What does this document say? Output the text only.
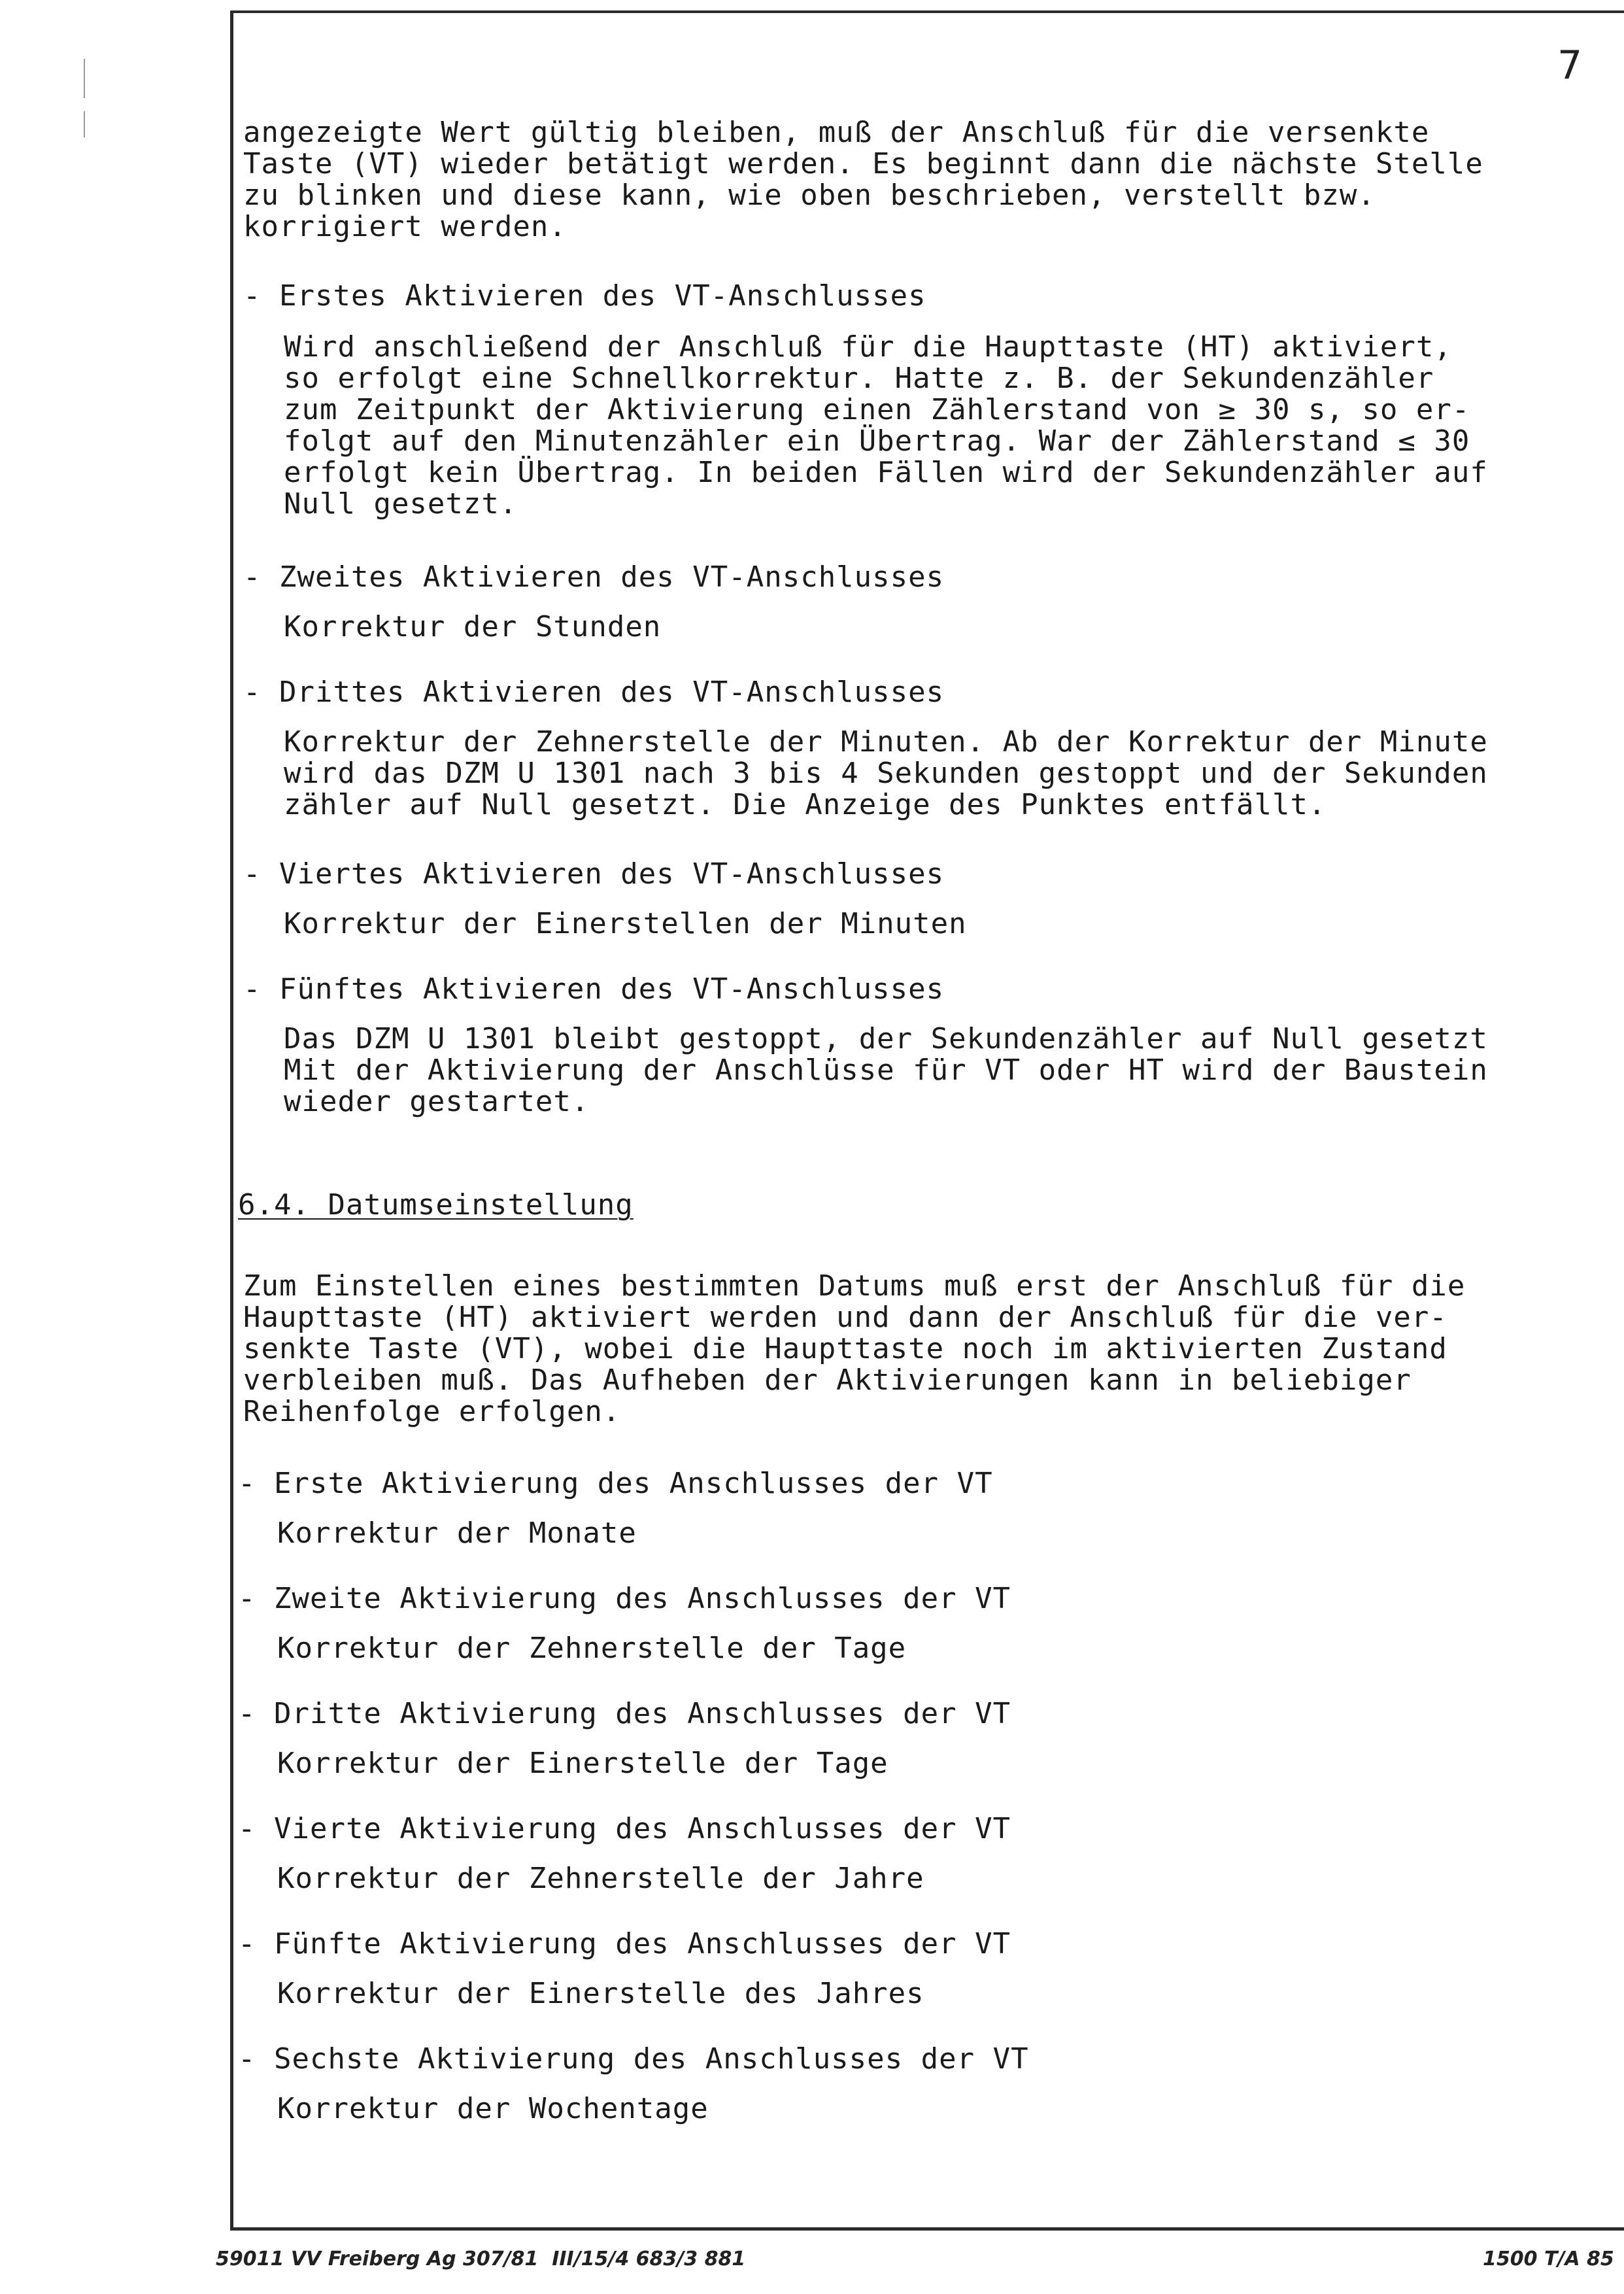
7
angezeigte Wert gültig bleiben, muß der Anschluß für die versenkte
Taste (VT) wieder betätigt werden. Es beginnt dann die nächste Stelle
zu blinken und diese kann, wie oben beschrieben, verstellt bzw.
korrigiert werden.
- Erstes Aktivieren des VT-Anschlusses
Wird anschließend der Anschluß für die Haupttaste (HT) aktiviert,
so erfolgt eine Schnellkorrektur. Hatte z. B. der Sekundenzähler
zum Zeitpunkt der Aktivierung einen Zählerstand von ≥ 30 s, so er-
folgt auf den Minutenzähler ein Übertrag. War der Zählerstand ≤ 30
erfolgt kein Übertrag. In beiden Fällen wird der Sekundenzähler auf
Null gesetzt.
- Zweites Aktivieren des VT-Anschlusses
Korrektur der Stunden
- Drittes Aktivieren des VT-Anschlusses
Korrektur der Zehnerstelle der Minuten. Ab der Korrektur der Minute
wird das DZM U 1301 nach 3 bis 4 Sekunden gestoppt und der Sekunden
zähler auf Null gesetzt. Die Anzeige des Punktes entfällt.
- Viertes Aktivieren des VT-Anschlusses
Korrektur der Einerstellen der Minuten
- Fünftes Aktivieren des VT-Anschlusses
Das DZM U 1301 bleibt gestoppt, der Sekundenzähler auf Null gesetzt
Mit der Aktivierung der Anschlüsse für VT oder HT wird der Baustein
wieder gestartet.
6.4. Datumseinstellung
Zum Einstellen eines bestimmten Datums muß erst der Anschluß für die
Haupttaste (HT) aktiviert werden und dann der Anschluß für die ver-
senkte Taste (VT), wobei die Haupttaste noch im aktivierten Zustand
verbleiben muß. Das Aufheben der Aktivierungen kann in beliebiger
Reihenfolge erfolgen.
- Erste Aktivierung des Anschlusses der VT
Korrektur der Monate
- Zweite Aktivierung des Anschlusses der VT
Korrektur der Zehnerstelle der Tage
- Dritte Aktivierung des Anschlusses der VT
Korrektur der Einerstelle der Tage
- Vierte Aktivierung des Anschlusses der VT
Korrektur der Zehnerstelle der Jahre
- Fünfte Aktivierung des Anschlusses der VT
Korrektur der Einerstelle des Jahres
- Sechste Aktivierung des Anschlusses der VT
Korrektur der Wochentage
59011 VV Freiberg Ag 307/81  III/15/4 683/3 881	1500 T/A 85
